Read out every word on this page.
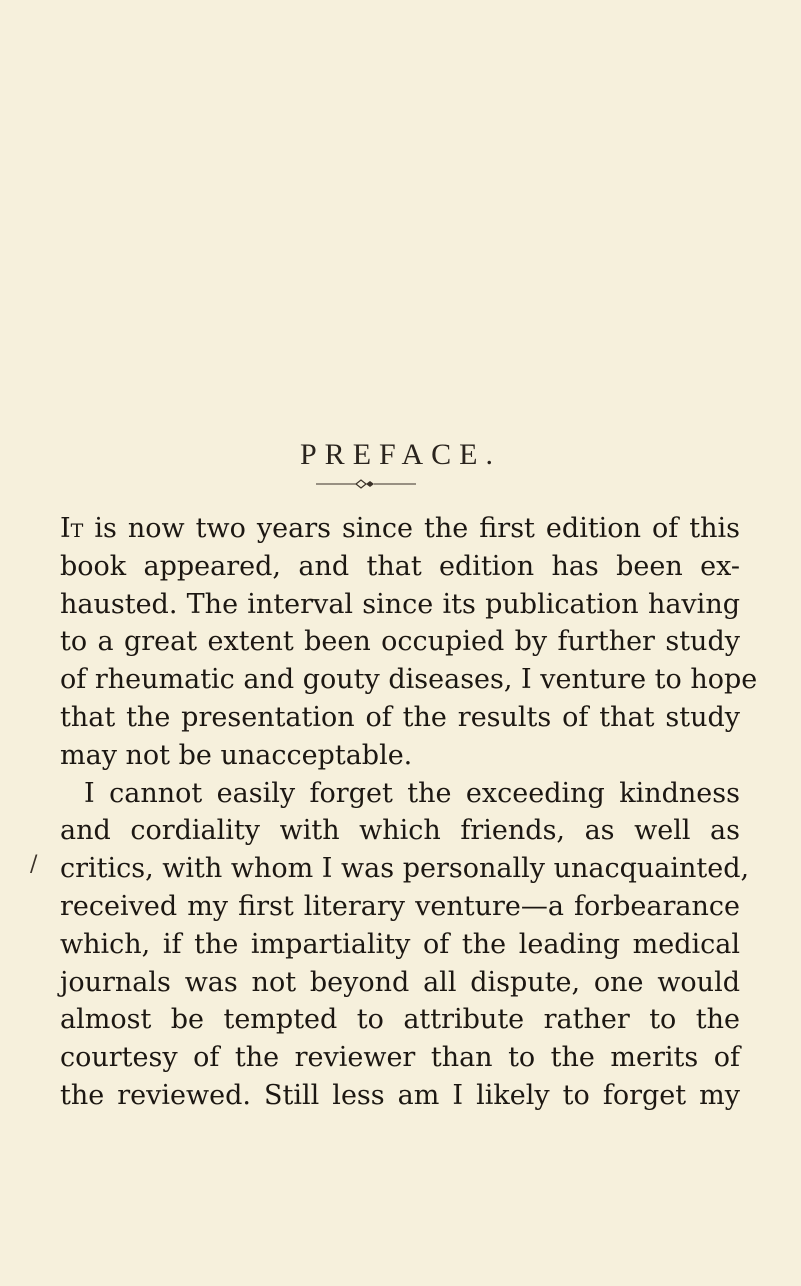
PREFACE.
It is now two years since the first edition of this
book appeared, and that edition has been ex-
hausted. The interval since its publication having
to a great extent been occupied by further study
of rheumatic and gouty diseases, I venture to hope
that the presentation of the results of that study
may not be unacceptable.
I cannot easily forget the exceeding kindness
and cordiality with which friends, as well as
critics, with whom I was personally unacquainted,
received my first literary venture—a forbearance
which, if the impartiality of the leading medical
journals was not beyond all dispute, one would
almost be tempted to attribute rather to the
courtesy of the reviewer than to the merits of
the reviewed. Still less am I likely to forget my
/
